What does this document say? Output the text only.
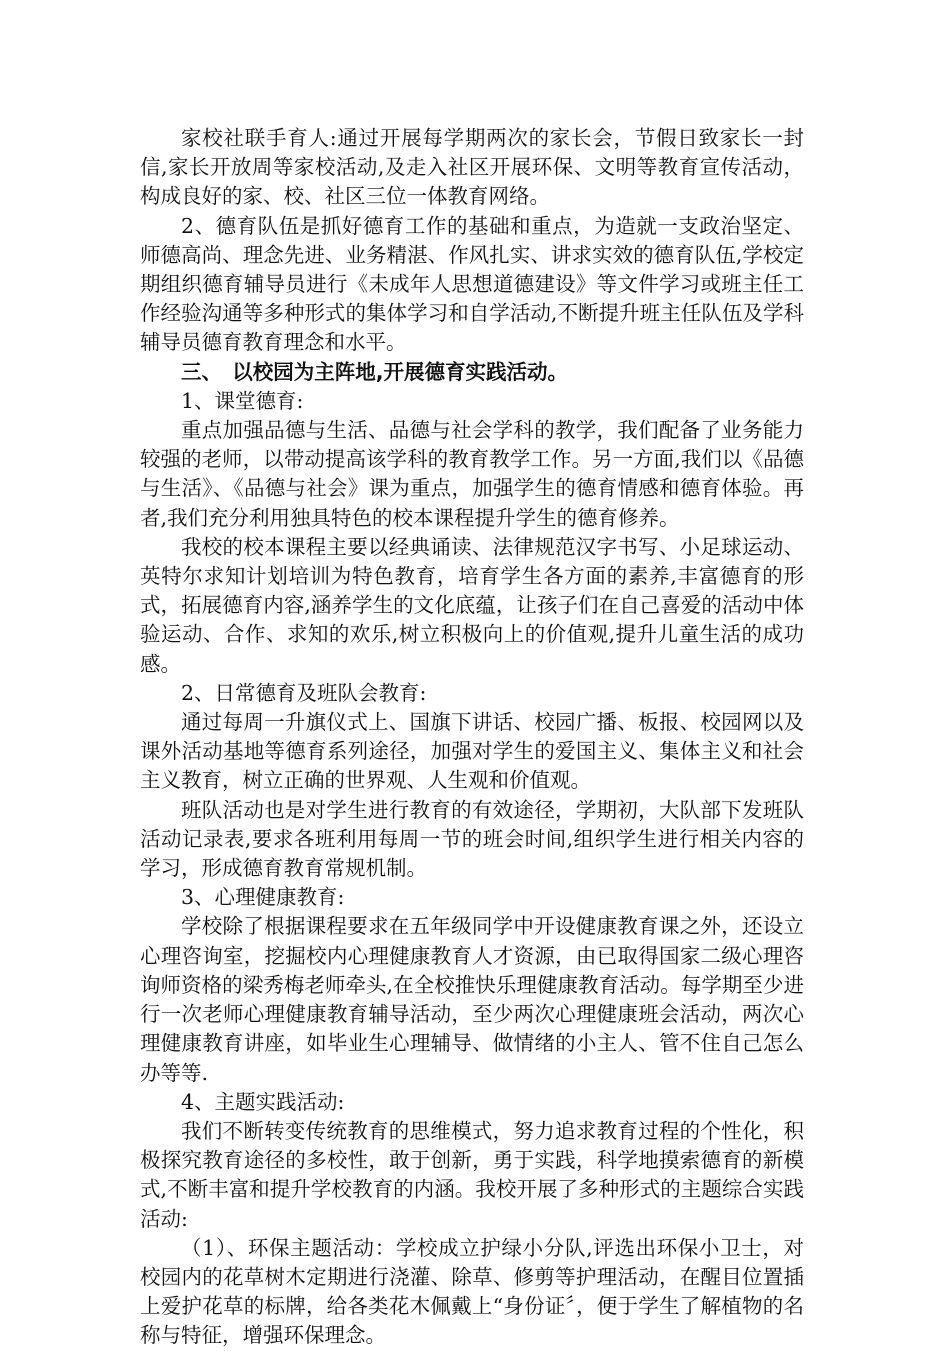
家校社联手育人:通过开展每学期两次的家长会，节假日致家长一封信,家长开放周等家校活动,及走入社区开展环保、文明等教育宣传活动，构成良好的家、校、社区三位一体教育网络。

2、德育队伍是抓好德育工作的基础和重点，为造就一支政治坚定、师德高尚、理念先进、业务精湛、作风扎实、讲求实效的德育队伍,学校定期组织德育辅导员进行《未成年人思想道德建设》等文件学习或班主任工作经验沟通等多种形式的集体学习和自学活动,不断提升班主任队伍及学科辅导员德育教育理念和水平。

三、　以校园为主阵地,开展德育实践活动。

1、课堂德育:

重点加强品德与生活、品德与社会学科的教学，我们配备了业务能力较强的老师，以带动提高该学科的教育教学工作。另一方面,我们以《品德与生活》、《品德与社会》课为重点，加强学生的德育情感和德育体验。再者,我们充分利用独具特色的校本课程提升学生的德育修养。

我校的校本课程主要以经典诵读、法律规范汉字书写、小足球运动、英特尔求知计划培训为特色教育，培育学生各方面的素养,丰富德育的形式，拓展德育内容,涵养学生的文化底蕴，让孩子们在自己喜爱的活动中体验运动、合作、求知的欢乐,树立积极向上的价值观,提升儿童生活的成功感。

2、日常德育及班队会教育:

通过每周一升旗仪式上、国旗下讲话、校园广播、板报、校园网以及课外活动基地等德育系列途径，加强对学生的爱国主义、集体主义和社会主义教育，树立正确的世界观、人生观和价值观。

班队活动也是对学生进行教育的有效途径，学期初，大队部下发班队活动记录表,要求各班利用每周一节的班会时间,组织学生进行相关内容的学习，形成德育教育常规机制。

3、心理健康教育:

学校除了根据课程要求在五年级同学中开设健康教育课之外，还设立心理咨询室，挖掘校内心理健康教育人才资源，由已取得国家二级心理咨询师资格的梁秀梅老师牵头,在全校推快乐理健康教育活动。每学期至少进行一次老师心理健康教育辅导活动，至少两次心理健康班会活动，两次心理健康教育讲座，如毕业生心理辅导、做情绪的小主人、管不住自己怎么办等等.

4、主题实践活动:

我们不断转变传统教育的思维模式，努力追求教育过程的个性化，积极探究教育途径的多校性，敢于创新，勇于实践，科学地摸索德育的新模式,不断丰富和提升学校教育的内涵。我校开展了多种形式的主题综合实践活动:

（1）、环保主题活动：学校成立护绿小分队,评选出环保小卫士，对校园内的花草树木定期进行浇灌、除草、修剪等护理活动，在醒目位置插上爱护花草的标牌，给各类花木佩戴上“身份证〞，便于学生了解植物的名称与特征，增强环保理念。
